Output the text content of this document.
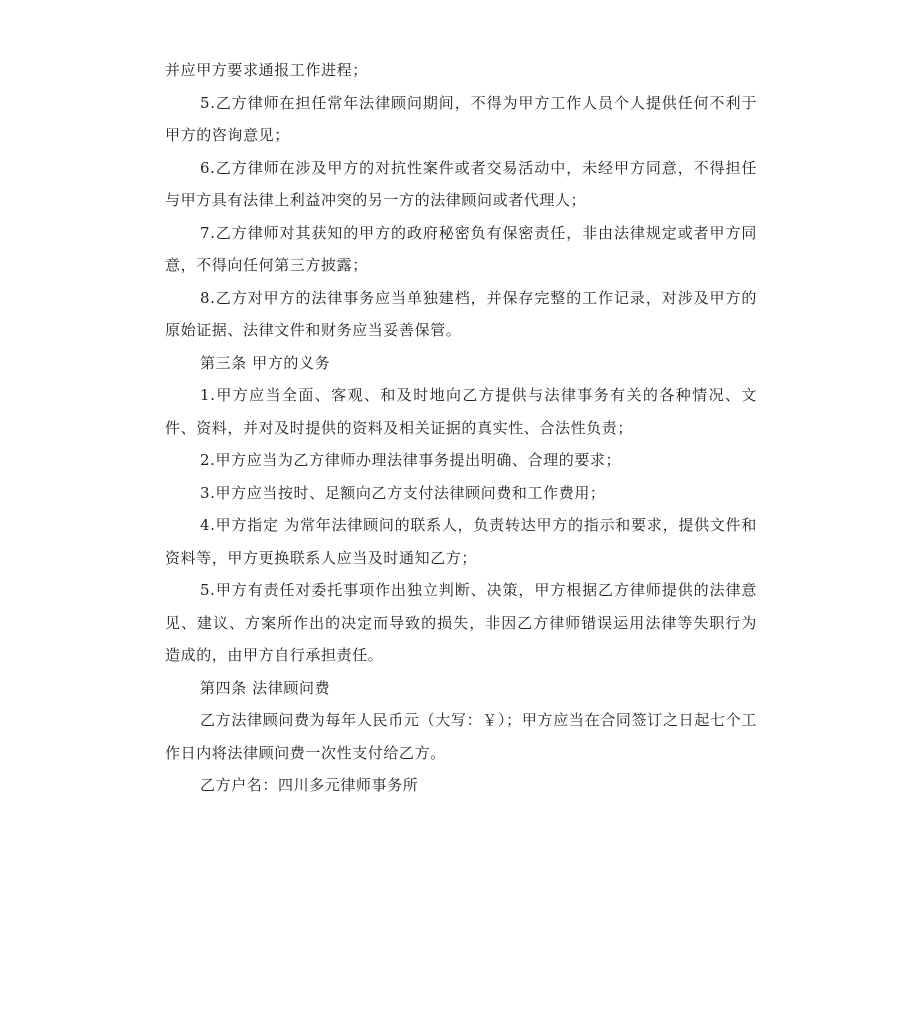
并应甲方要求通报工作进程；

5.乙方律师在担任常年法律顾问期间，不得为甲方工作人员个人提供任何不利于甲方的咨询意见；

6.乙方律师在涉及甲方的对抗性案件或者交易活动中，未经甲方同意，不得担任与甲方具有法律上利益冲突的另一方的法律顾问或者代理人；

7.乙方律师对其获知的甲方的政府秘密负有保密责任，非由法律规定或者甲方同意，不得向任何第三方披露；

8.乙方对甲方的法律事务应当单独建档，并保存完整的工作记录，对涉及甲方的原始证据、法律文件和财务应当妥善保管。

第三条 甲方的义务

1.甲方应当全面、客观、和及时地向乙方提供与法律事务有关的各种情况、文件、资料，并对及时提供的资料及相关证据的真实性、合法性负责；

2.甲方应当为乙方律师办理法律事务提出明确、合理的要求；

3.甲方应当按时、足额向乙方支付法律顾问费和工作费用；

4.甲方指定 为常年法律顾问的联系人，负责转达甲方的指示和要求，提供文件和资料等，甲方更换联系人应当及时通知乙方；

5.甲方有责任对委托事项作出独立判断、决策，甲方根据乙方律师提供的法律意见、建议、方案所作出的决定而导致的损失，非因乙方律师错误运用法律等失职行为造成的，由甲方自行承担责任。

第四条 法律顾问费

乙方法律顾问费为每年人民币元（大写：￥）；甲方应当在合同签订之日起七个工作日内将法律顾问费一次性支付给乙方。

乙方户名：四川多元律师事务所
